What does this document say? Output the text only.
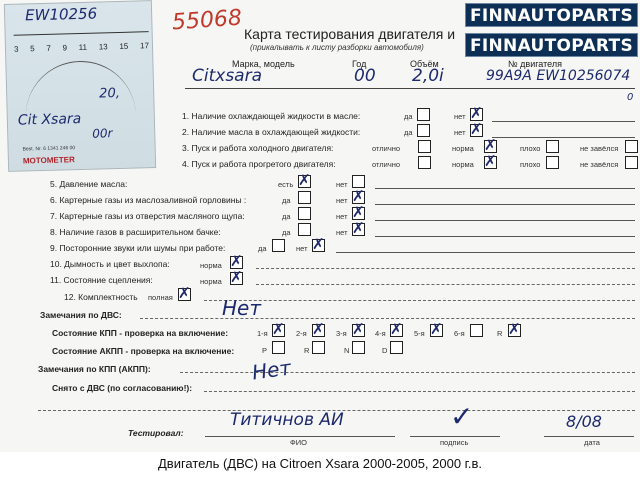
EW10256
3 5 7 9 11 13 15 17
20,
Cit Xsara
00r
Best. Nr. 6 1341 246 00
MOTOMETER
55068	FINNAUTOPARTS
FINNAUTOPARTS
Карта тестирования двигателя и
(прикалывать к листу разборки автомобиля)
Марка, модель	Год	Объём	№ двигателя
Citxsara	00 2,0i	99A9A EW10256074
0
1. Наличие охлаждающей жидкости в масле:	да	нет ✗
2. Наличие масла в охлаждающей жидкости:	да	нет ✗
3. Пуск и работа холодного двигателя:	отлично	норма ✗	плохо	не завёлся
4. Пуск и работа прогретого двигателя:	отлично	норма ✗	плохо	не завёлся
5. Давление масла:	есть ✗	нет
6. Картерные газы из маслозаливной горловины :	да	нет ✗
7. Картерные газы из отверстия масляного щупа:	да	нет ✗
8. Наличие газов в расширительном бачке:	да	нет ✗
9. Посторонние звуки или шумы при работе:	да	нет ✗
10. Дымность и цвет выхлопа:	норма ✗
11. Состояние сцепления:	норма ✗
12. Комплектность полная ✗
Замечания по ДВС:	Нет
Состояние КПП - проверка на включение:	1-я ✗ 2-я ✗ 3-я ✗ 4-я ✗ 5-я ✗ 6-я	R ✗
Состояние АКПП - проверка на включение:	P	R	N	D
Замечания по КПП (АКПП):	Нет
Снято с ДВС (по согласованию!):
Тестировал:
Титичнов АИ	✓	8/08
ФИО	подпись	дата
Двигатель (ДВС) на Citroen Xsara 2000-2005, 2000 г.в.
